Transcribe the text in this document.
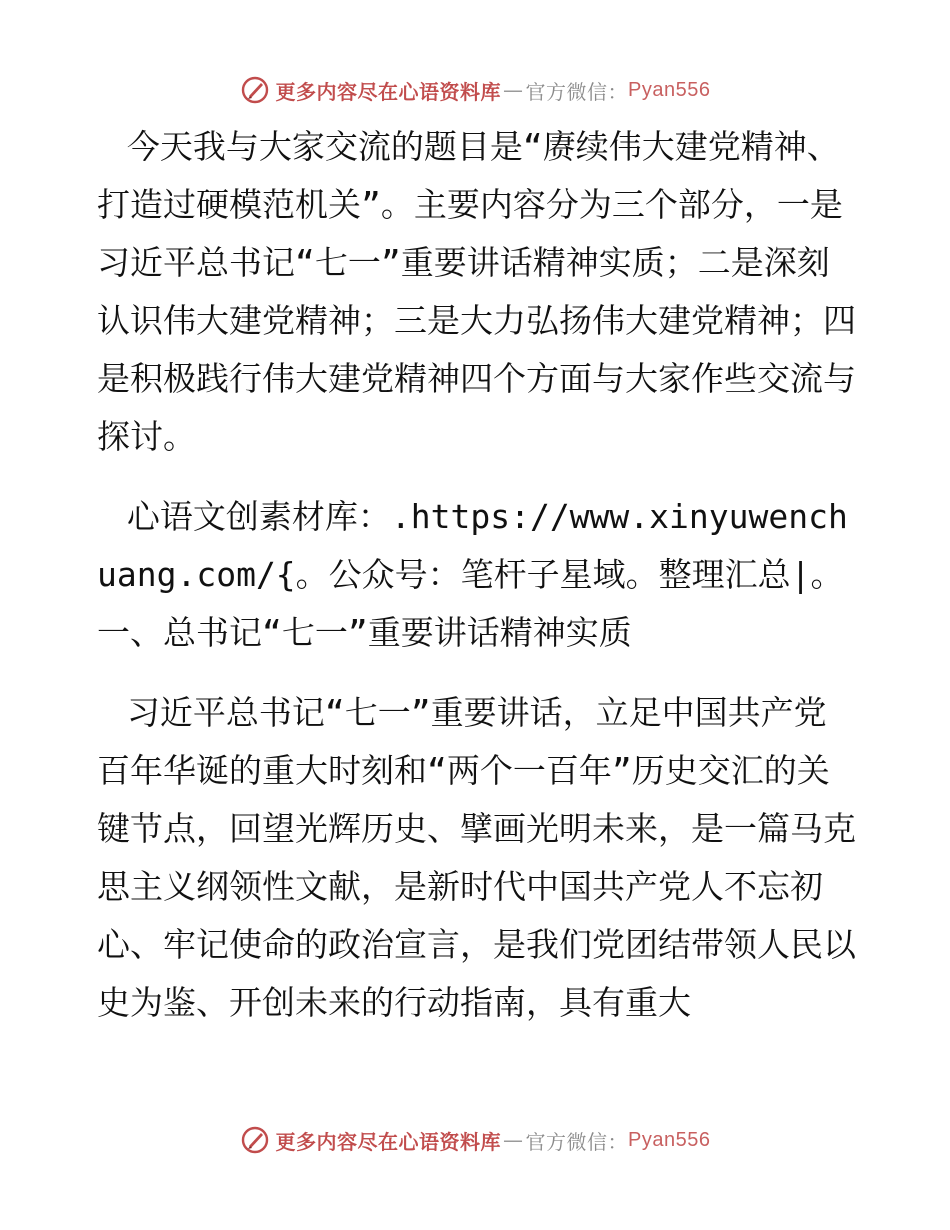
更多内容尽在心语资料库 — 官方微信： Pyan556

今天我与大家交流的题目是“赓续伟大建党精神、打造过硬模范机关”。主要内容分为三个部分，一是习近平总书记“七一”重要讲话精神实质；二是深刻认识伟大建党精神；三是大力弘扬伟大建党精神；四是积极践行伟大建党精神四个方面与大家作些交流与探讨。

心语文创素材库：.https://www.xinyuwenchuang.com/{。公众号：笔杆子星域。整理汇总|。一、总书记“七一”重要讲话精神实质

习近平总书记“七一”重要讲话，立足中国共产党百年华诞的重大时刻和“两个一百年”历史交汇的关键节点，回望光辉历史、擘画光明未来，是一篇马克思主义纲领性文献，是新时代中国共产党人不忘初心、牢记使命的政治宣言，是我们党团结带领人民以史为鉴、开创未来的行动指南，具有重大

更多内容尽在心语资料库 — 官方微信： Pyan556
